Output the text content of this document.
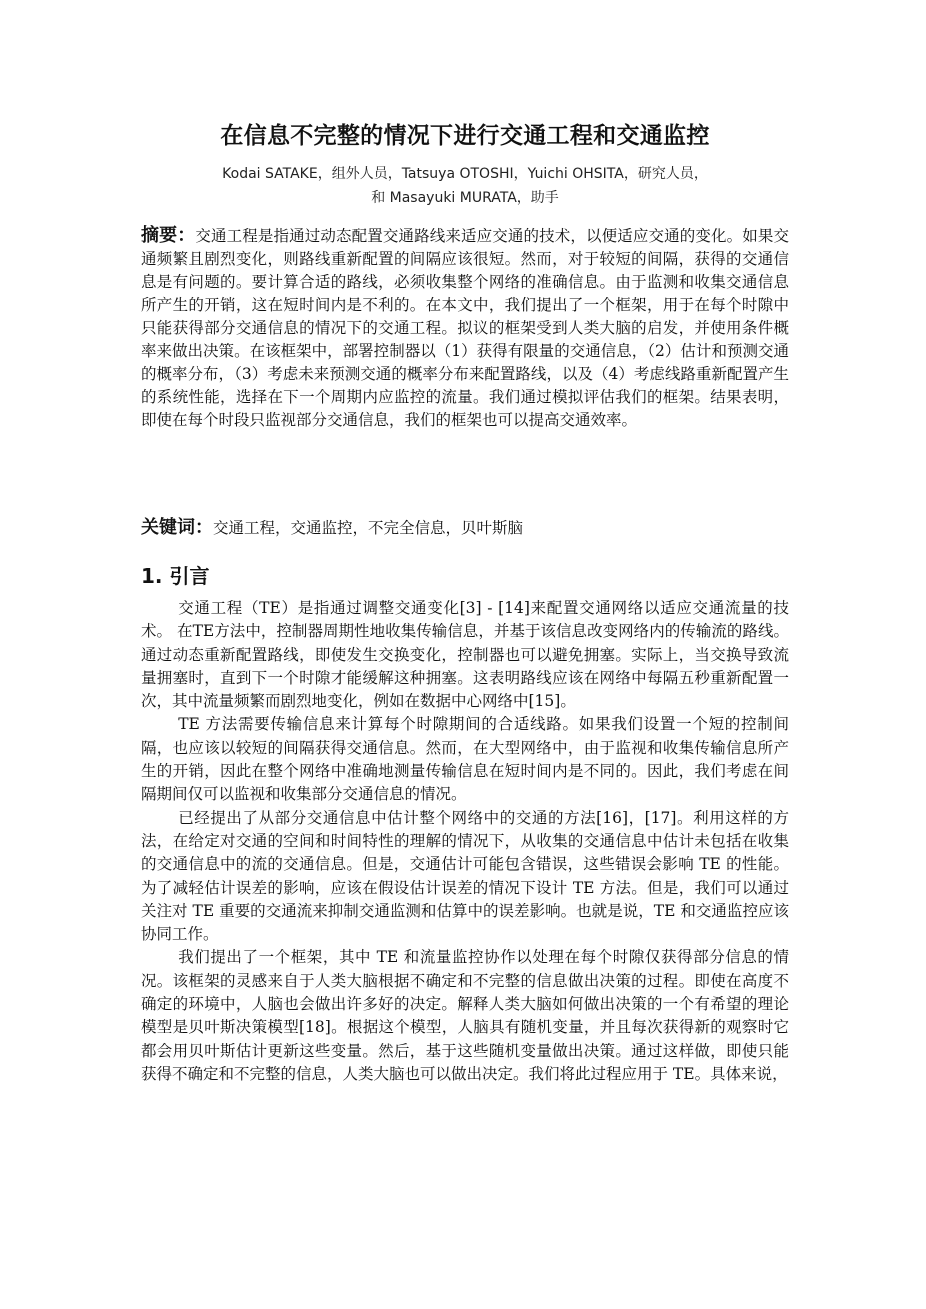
在信息不完整的情况下进行交通工程和交通监控
Kodai SATAKE，组外人员，Tatsuya OTOSHI，Yuichi OHSITA，研究人员，
和 Masayuki MURATA，助手

摘要：交通工程是指通过动态配置交通路线来适应交通的技术，以便适应交通的变化。如果交通频繁且剧烈变化，则路线重新配置的间隔应该很短。然而，对于较短的间隔，获得的交通信息是有问题的。要计算合适的路线，必须收集整个网络的准确信息。由于监测和收集交通信息所产生的开销，这在短时间内是不利的。在本文中，我们提出了一个框架，用于在每个时隙中只能获得部分交通信息的情况下的交通工程。拟议的框架受到人类大脑的启发，并使用条件概率来做出决策。在该框架中，部署控制器以（1）获得有限量的交通信息，（2）估计和预测交通的概率分布，（3）考虑未来预测交通的概率分布来配置路线，以及（4）考虑线路重新配置产生的系统性能，选择在下一个周期内应监控的流量。我们通过模拟评估我们的框架。结果表明，即使在每个时段只监视部分交通信息，我们的框架也可以提高交通效率。

关键词：交通工程，交通监控，不完全信息，贝叶斯脑

1. 引言

交通工程（TE）是指通过调整交通变化[3] - [14]来配置交通网络以适应交通流量的技术。 在TE方法中，控制器周期性地收集传输信息，并基于该信息改变网络内的传输流的路线。 通过动态重新配置路线，即使发生交换变化，控制器也可以避免拥塞。实际上，当交换导致流量拥塞时，直到下一个时隙才能缓解这种拥塞。这表明路线应该在网络中每隔五秒重新配置一次，其中流量频繁而剧烈地变化，例如在数据中心网络中[15]。

TE 方法需要传输信息来计算每个时隙期间的合适线路。如果我们设置一个短的控制间隔，也应该以较短的间隔获得交通信息。然而，在大型网络中，由于监视和收集传输信息所产生的开销，因此在整个网络中准确地测量传输信息在短时间内是不同的。因此，我们考虑在间隔期间仅可以监视和收集部分交通信息的情况。

已经提出了从部分交通信息中估计整个网络中的交通的方法[16]，[17]。利用这样的方法，在给定对交通的空间和时间特性的理解的情况下，从收集的交通信息中估计未包括在收集的交通信息中的流的交通信息。但是，交通估计可能包含错误，这些错误会影响 TE 的性能。为了减轻估计误差的影响，应该在假设估计误差的情况下设计 TE 方法。但是，我们可以通过关注对 TE 重要的交通流来抑制交通监测和估算中的误差影响。也就是说，TE 和交通监控应该协同工作。

我们提出了一个框架，其中 TE 和流量监控协作以处理在每个时隙仅获得部分信息的情况。该框架的灵感来自于人类大脑根据不确定和不完整的信息做出决策的过程。即使在高度不确定的环境中，人脑也会做出许多好的决定。解释人类大脑如何做出决策的一个有希望的理论模型是贝叶斯决策模型[18]。根据这个模型，人脑具有随机变量，并且每次获得新的观察时它都会用贝叶斯估计更新这些变量。然后，基于这些随机变量做出决策。通过这样做，即使只能获得不确定和不完整的信息，人类大脑也可以做出决定。我们将此过程应用于 TE。具体来说，
